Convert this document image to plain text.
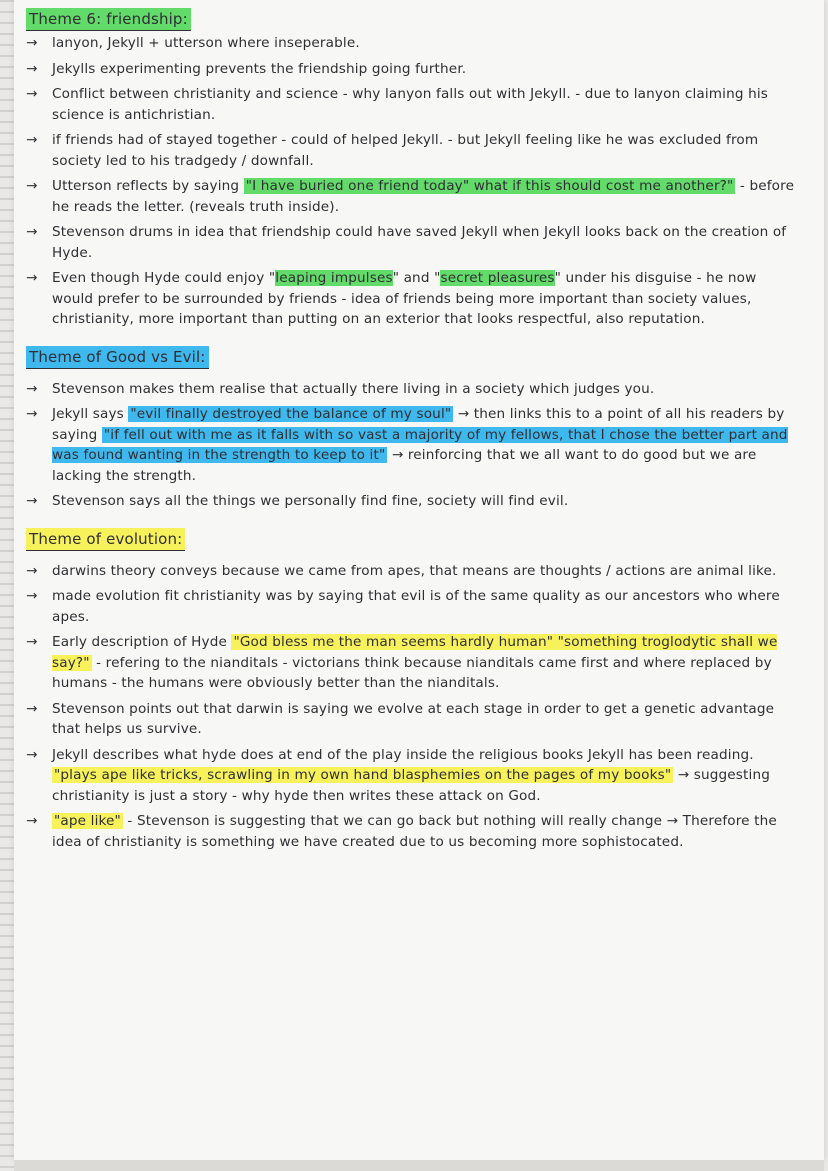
Theme 6: friendship:
→ lanyon, Jekyll + utterson where inseperable.
→ Jekylls experimenting prevents the friendship going further.
→ Conflict between christianity and science - why lanyon falls out with Jekyll. - due to lanyon claiming his science is antichristian.
→ if friends had of stayed together - could of helped Jekyll. - but Jekyll feeling like he was excluded from society led to his tradgedy / downfall.
→ Utterson reflects by saying "I have buried one friend today" what if this should cost me another?" - before he reads the letter. (reveals truth inside).
→ Stevenson drums in idea that friendship could have saved Jekyll when Jekyll looks back on the creation of Hyde.
→ Even though Hyde could enjoy "leaping impulses" and "secret pleasures" under his disguise - he now would prefer to be surrounded by friends - idea of friends being more important than society values, christianity, more important than putting on an exterior that looks respectful, also reputation.
Theme of Good vs Evil:
→ Stevenson makes them realise that actually there living in a society which judges you.
→ Jekyll says "evil finally destroyed the balance of my soul" → then links this to a point of all his readers by saying "if fell out with me as it falls with so vast a majority of my fellows, that I chose the better part and was found wanting in the strength to keep to it" → reinforcing that we all want to do good but we are lacking the strength.
→ Stevenson says all the things we personally find fine, society will find evil.
Theme of evolution:
→ darwins theory conveys because we came from apes, that means are thoughts / actions are animal like.
→ made evolution fit christianity was by saying that evil is of the same quality as our ancestors who where apes.
→ Early description of Hyde "God bless me the man seems hardly human" "something troglodytic shall we say?" - refering to the nianditals - victorians think because nianditals came first and where replaced by humans - the humans were obviously better than the nianditals.
→ Stevenson points out that darwin is saying we evolve at each stage in order to get a genetic advantage that helps us survive.
→ Jekyll describes what hyde does at end of the play inside the religious books Jekyll has been reading. "plays ape like tricks, scrawling in my own hand blasphemies on the pages of my books" → suggesting christianity is just a story - why hyde then writes these attack on God.
→ "ape like" - Stevenson is suggesting that we can go back but nothing will really change → Therefore the idea of christianity is something we have created due to us becoming more sophistocated.
